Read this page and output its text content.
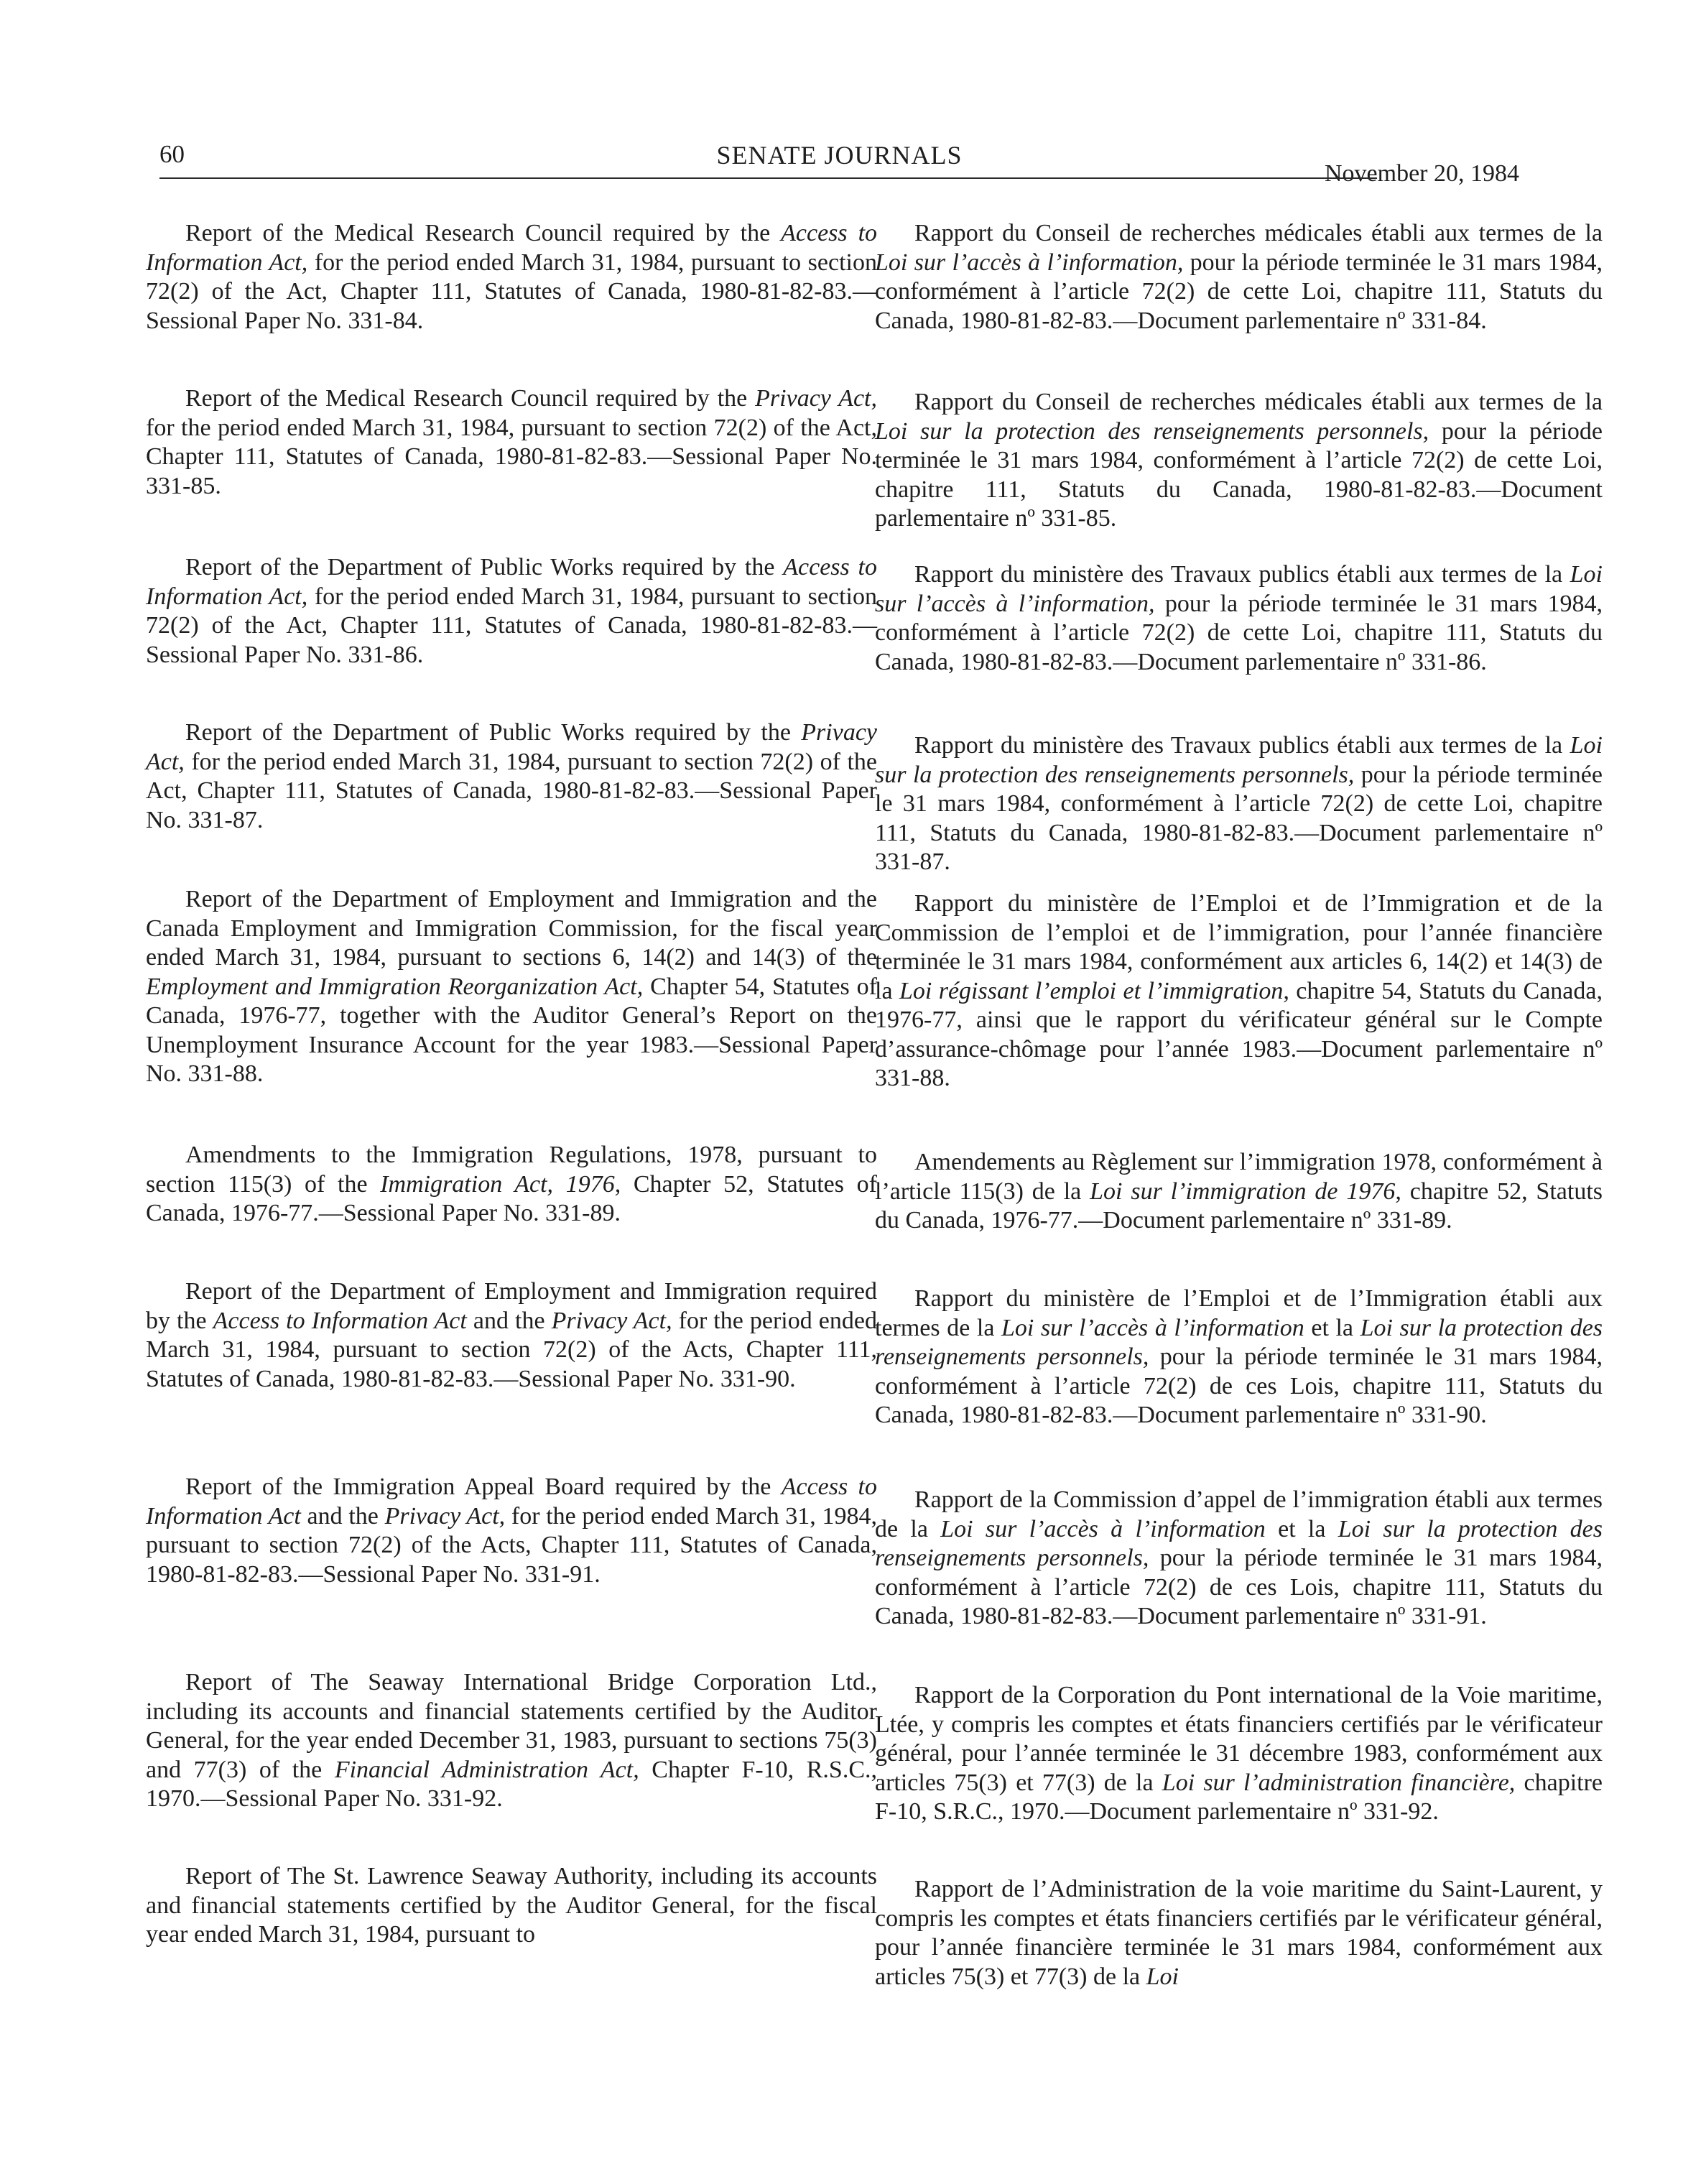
60	SENATE JOURNALS
November 20, 1984

Report of the Medical Research Council required by the Access to Information Act, for the period ended March 31, 1984, pursuant to section 72(2) of the Act, Chapter 111, Statutes of Canada, 1980-81-82-83.—Sessional Paper No. 331-84.

Report of the Medical Research Council required by the Privacy Act, for the period ended March 31, 1984, pursuant to section 72(2) of the Act, Chapter 111, Statutes of Canada, 1980-81-82-83.—Sessional Paper No. 331-85.

Report of the Department of Public Works required by the Access to Information Act, for the period ended March 31, 1984, pursuant to section 72(2) of the Act, Chapter 111, Statutes of Canada, 1980-81-82-83.—Sessional Paper No. 331-86.

Report of the Department of Public Works required by the Privacy Act, for the period ended March 31, 1984, pursuant to section 72(2) of the Act, Chapter 111, Statutes of Canada, 1980-81-82-83.—Sessional Paper No. 331-87.

Report of the Department of Employment and Immigration and the Canada Employment and Immigration Commission, for the fiscal year ended March 31, 1984, pursuant to sections 6, 14(2) and 14(3) of the Employment and Immigration Reorganization Act, Chapter 54, Statutes of Canada, 1976-77, together with the Auditor General’s Report on the Unemployment Insurance Account for the year 1983.—Sessional Paper No. 331-88.

Amendments to the Immigration Regulations, 1978, pursuant to section 115(3) of the Immigration Act, 1976, Chapter 52, Statutes of Canada, 1976-77.—Sessional Paper No. 331-89.

Report of the Department of Employment and Immigration required by the Access to Information Act and the Privacy Act, for the period ended March 31, 1984, pursuant to section 72(2) of the Acts, Chapter 111, Statutes of Canada, 1980-81-82-83.—Sessional Paper No. 331-90.

Report of the Immigration Appeal Board required by the Access to Information Act and the Privacy Act, for the period ended March 31, 1984, pursuant to section 72(2) of the Acts, Chapter 111, Statutes of Canada, 1980-81-82-83.—Sessional Paper No. 331-91.

Report of The Seaway International Bridge Corporation Ltd., including its accounts and financial statements certified by the Auditor General, for the year ended December 31, 1983, pursuant to sections 75(3) and 77(3) of the Financial Administration Act, Chapter F-10, R.S.C., 1970.—Sessional Paper No. 331-92.

Report of The St. Lawrence Seaway Authority, including its accounts and financial statements certified by the Auditor General, for the fiscal year ended March 31, 1984, pursuant to

Rapport du Conseil de recherches médicales établi aux termes de la Loi sur l’accès à l’information, pour la période terminée le 31 mars 1984, conformément à l’article 72(2) de cette Loi, chapitre 111, Statuts du Canada, 1980-81-82-83.—Document parlementaire nº 331-84.

Rapport du Conseil de recherches médicales établi aux termes de la Loi sur la protection des renseignements personnels, pour la période terminée le 31 mars 1984, conformément à l’article 72(2) de cette Loi, chapitre 111, Statuts du Canada, 1980-81-82-83.—Document parlementaire nº 331-85.

Rapport du ministère des Travaux publics établi aux termes de la Loi sur l’accès à l’information, pour la période terminée le 31 mars 1984, conformément à l’article 72(2) de cette Loi, chapitre 111, Statuts du Canada, 1980-81-82-83.—Document parlementaire nº 331-86.

Rapport du ministère des Travaux publics établi aux termes de la Loi sur la protection des renseignements personnels, pour la période terminée le 31 mars 1984, conformément à l’article 72(2) de cette Loi, chapitre 111, Statuts du Canada, 1980-81-82-83.—Document parlementaire nº 331-87.

Rapport du ministère de l’Emploi et de l’Immigration et de la Commission de l’emploi et de l’immigration, pour l’année financière terminée le 31 mars 1984, conformément aux articles 6, 14(2) et 14(3) de la Loi régissant l’emploi et l’immigration, chapitre 54, Statuts du Canada, 1976-77, ainsi que le rapport du vérificateur général sur le Compte d’assurance-chômage pour l’année 1983.—Document parlementaire nº 331-88.

Amendements au Règlement sur l’immigration 1978, conformément à l’article 115(3) de la Loi sur l’immigration de 1976, chapitre 52, Statuts du Canada, 1976-77.—Document parlementaire nº 331-89.

Rapport du ministère de l’Emploi et de l’Immigration établi aux termes de la Loi sur l’accès à l’information et la Loi sur la protection des renseignements personnels, pour la période terminée le 31 mars 1984, conformément à l’article 72(2) de ces Lois, chapitre 111, Statuts du Canada, 1980-81-82-83.—Document parlementaire nº 331-90.

Rapport de la Commission d’appel de l’immigration établi aux termes de la Loi sur l’accès à l’information et la Loi sur la protection des renseignements personnels, pour la période terminée le 31 mars 1984, conformément à l’article 72(2) de ces Lois, chapitre 111, Statuts du Canada, 1980-81-82-83.—Document parlementaire nº 331-91.

Rapport de la Corporation du Pont international de la Voie maritime, Ltée, y compris les comptes et états financiers certifiés par le vérificateur général, pour l’année terminée le 31 décembre 1983, conformément aux articles 75(3) et 77(3) de la Loi sur l’administration financière, chapitre F-10, S.R.C., 1970.—Document parlementaire nº 331-92.

Rapport de l’Administration de la voie maritime du Saint-Laurent, y compris les comptes et états financiers certifiés par le vérificateur général, pour l’année financière terminée le 31 mars 1984, conformément aux articles 75(3) et 77(3) de la Loi
